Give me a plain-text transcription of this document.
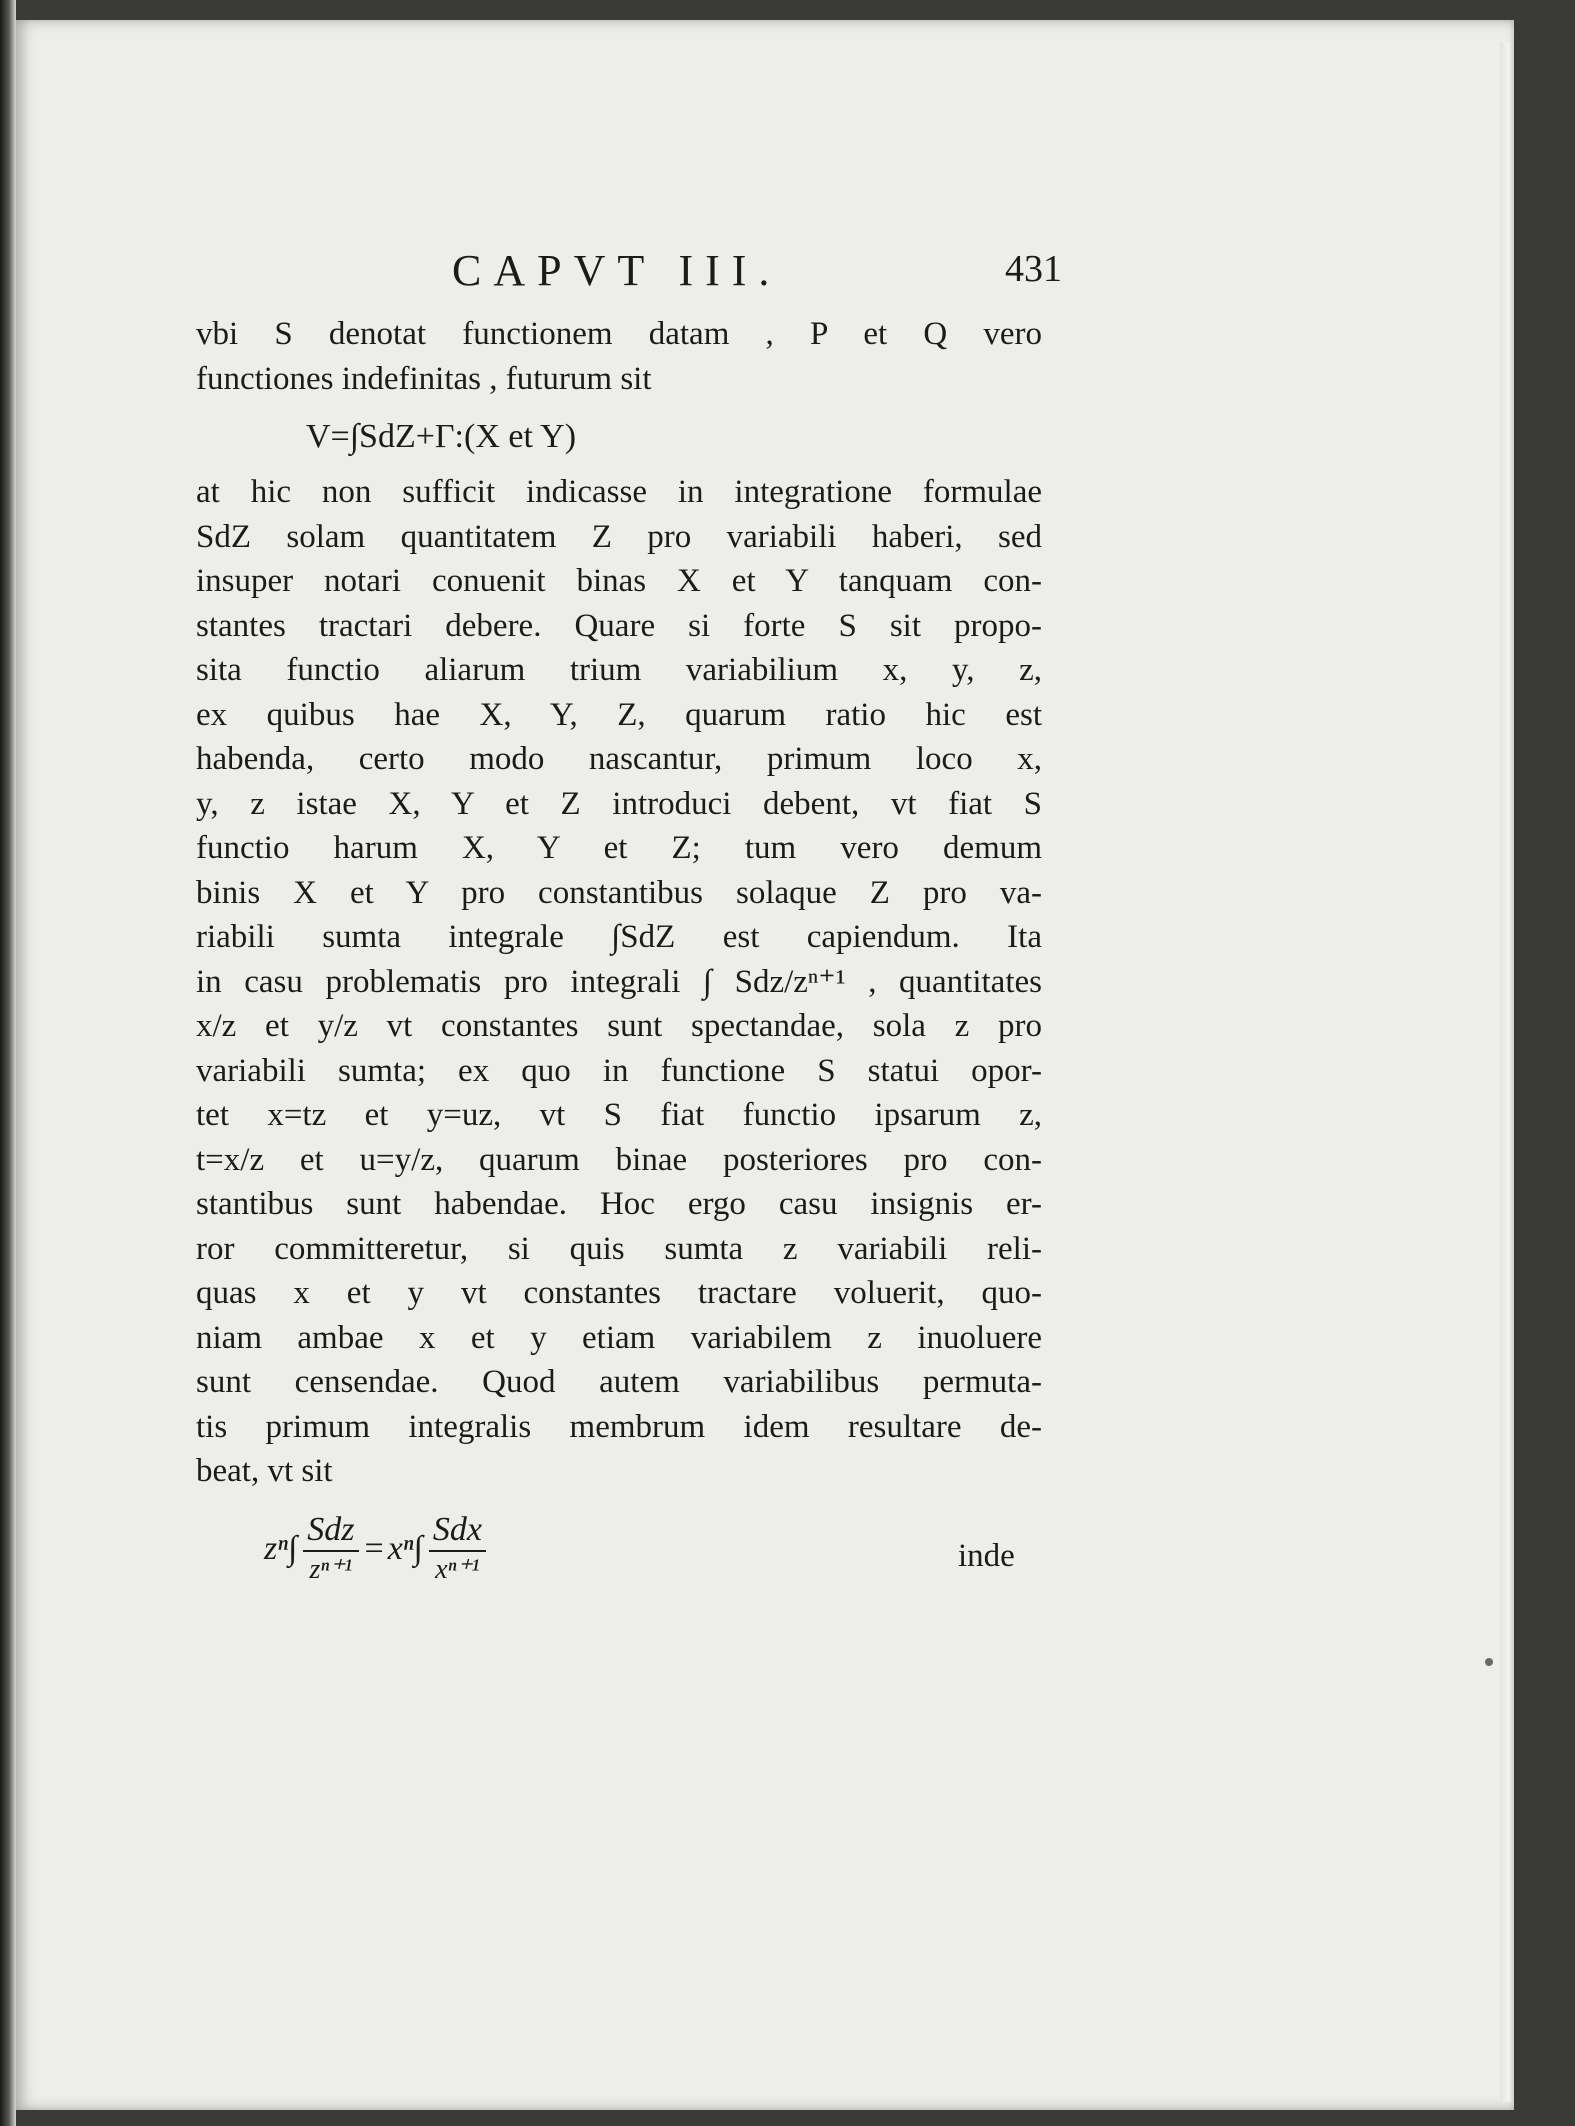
CAPVT III.	431
vbi S denotat functionem datam , P et Q vero
functiones indefinitas , futurum sit
V=∫SdZ+Γ:(X et Y)
at hic non sufficit indicasse in integratione formulae
SdZ solam quantitatem Z pro variabili haberi, sed
insuper notari conuenit binas X et Y tanquam con-
stantes tractari debere. Quare si forte S sit propo-
sita functio aliarum trium variabilium x, y, z,
ex quibus hae X, Y, Z, quarum ratio hic est
habenda, certo modo nascantur, primum loco x,
y, z istae X, Y et Z introduci debent, vt fiat S
functio harum X, Y et Z; tum vero demum
binis X et Y pro constantibus solaque Z pro va-
riabili sumta integrale ∫SdZ est capiendum. Ita
in casu problematis pro integrali ∫ Sdz/zⁿ⁺¹ , quantitates
x/z et y/z vt constantes sunt spectandae, sola z pro
variabili sumta; ex quo in functione S statui opor-
tet x=tz et y=uz, vt S fiat functio ipsarum z,
t=x/z et u=y/z, quarum binae posteriores pro con-
stantibus sunt habendae. Hoc ergo casu insignis er-
ror committeretur, si quis sumta z variabili reli-
quas x et y vt constantes tractare voluerit, quo-
niam ambae x et y etiam variabilem z inuoluere
sunt censendae. Quod autem variabilibus permuta-
tis primum integralis membrum idem resultare de-
beat, vt sit
$z^n\int \frac{\text{Sdz}}{\text{zⁿ⁺¹}} = x^n\int \frac{\text{Sdx}}{\text{xⁿ⁺¹}}$	inde
